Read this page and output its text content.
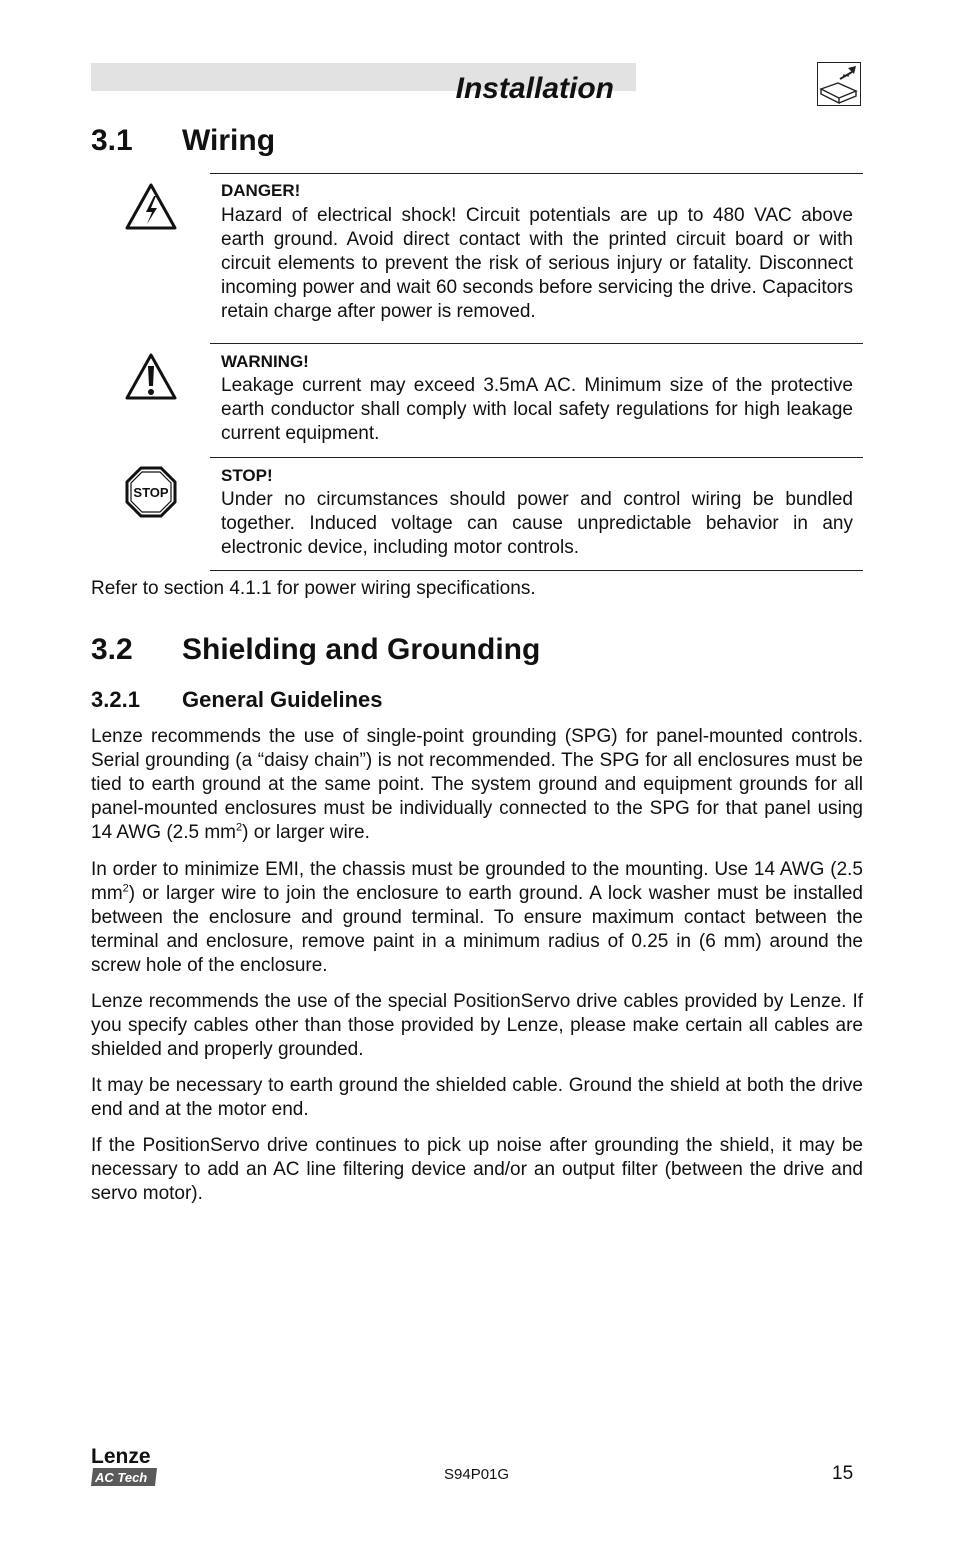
Installation
3.1 Wiring
DANGER!
Hazard of electrical shock! Circuit potentials are up to 480 VAC above earth ground. Avoid direct contact with the printed circuit board or with circuit elements to prevent the risk of serious injury or fatality. Disconnect incoming power and wait 60 seconds before servicing the drive. Capacitors retain charge after power is removed.
WARNING!
Leakage current may exceed 3.5mA AC. Minimum size of the protective earth conductor shall comply with local safety regulations for high leakage current equipment.
STOP
STOP!
Under no circumstances should power and control wiring be bundled together. Induced voltage can cause unpredictable behavior in any electronic device, including motor controls.
Refer to section 4.1.1 for power wiring specifications.
3.2 Shielding and Grounding
3.2.1 General Guidelines

Lenze recommends the use of single-point grounding (SPG) for panel-mounted controls. Serial grounding (a “daisy chain”) is not recommended. The SPG for all enclosures must be tied to earth ground at the same point. The system ground and equipment grounds for all panel-mounted enclosures must be individually connected to the SPG for that panel using 14 AWG (2.5 $mm^2$) or larger wire.

In order to minimize EMI, the chassis must be grounded to the mounting. Use 14 AWG (2.5 $mm^2$) or larger wire to join the enclosure to earth ground. A lock washer must be installed between the enclosure and ground terminal. To ensure maximum contact between the terminal and enclosure, remove paint in a minimum radius of 0.25 in (6 mm) around the screw hole of the enclosure.

Lenze recommends the use of the special PositionServo drive cables provided by Lenze. If you specify cables other than those provided by Lenze, please make certain all cables are shielded and properly grounded.
It may be necessary to earth ground the shielded cable. Ground the shield at both the drive end and at the motor end.
If the PositionServo drive continues to pick up noise after grounding the shield, it may be necessary to add an AC line filtering device and/or an output filter (between the drive and servo motor).
Lenze
AC Tech	S94P01G	15
